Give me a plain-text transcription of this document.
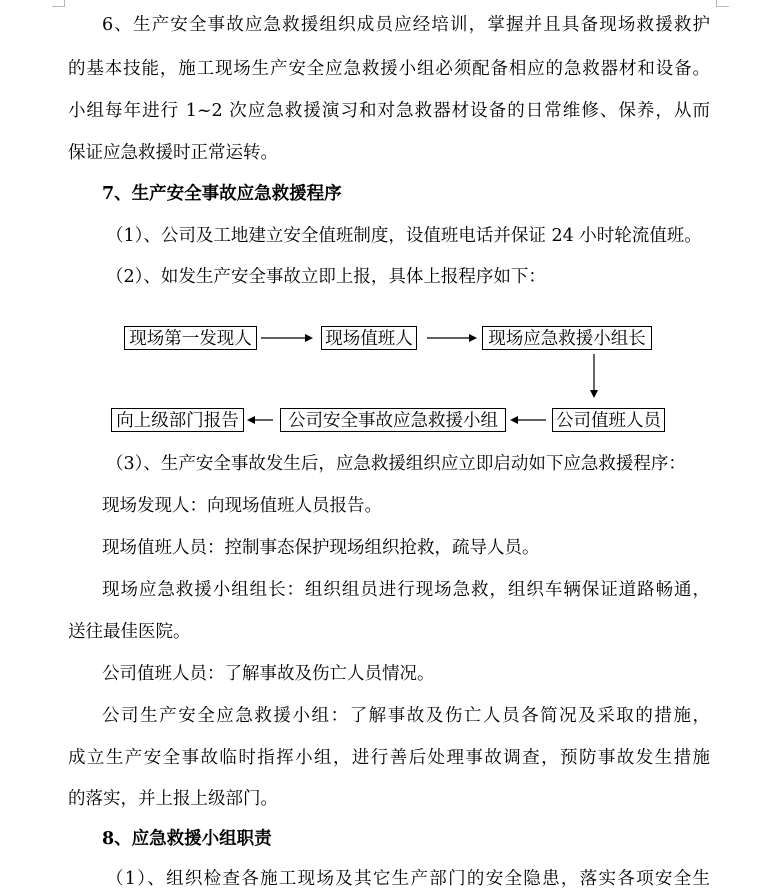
6、生产安全事故应急救援组织成员应经培训，掌握并且具备现场救援救护
的基本技能，施工现场生产安全应急救援小组必须配备相应的急救器材和设备。
小组每年进行 1~2 次应急救援演习和对急救器材设备的日常维修、保养，从而
保证应急救援时正常运转。
7、生产安全事故应急救援程序
（1）、公司及工地建立安全值班制度，设值班电话并保证 24 小时轮流值班。
（2）、如发生产安全事故立即上报，具体上报程序如下：
现场第一发现人	现场值班人	现场应急救援小组长
公司值班人员
公司安全事故应急救援小组
向上级部门报告
（3）、生产安全事故发生后，应急救援组织应立即启动如下应急救援程序：
现场发现人：向现场值班人员报告。
现场值班人员：控制事态保护现场组织抢救，疏导人员。
现场应急救援小组组长：组织组员进行现场急救，组织车辆保证道路畅通，
送往最佳医院。
公司值班人员：了解事故及伤亡人员情况。
公司生产安全应急救援小组：了解事故及伤亡人员各简况及采取的措施，
成立生产安全事故临时指挥小组，进行善后处理事故调查，预防事故发生措施
的落实，并上报上级部门。
8、应急救援小组职责
（1）、组织检查各施工现场及其它生产部门的安全隐患，落实各项安全生
